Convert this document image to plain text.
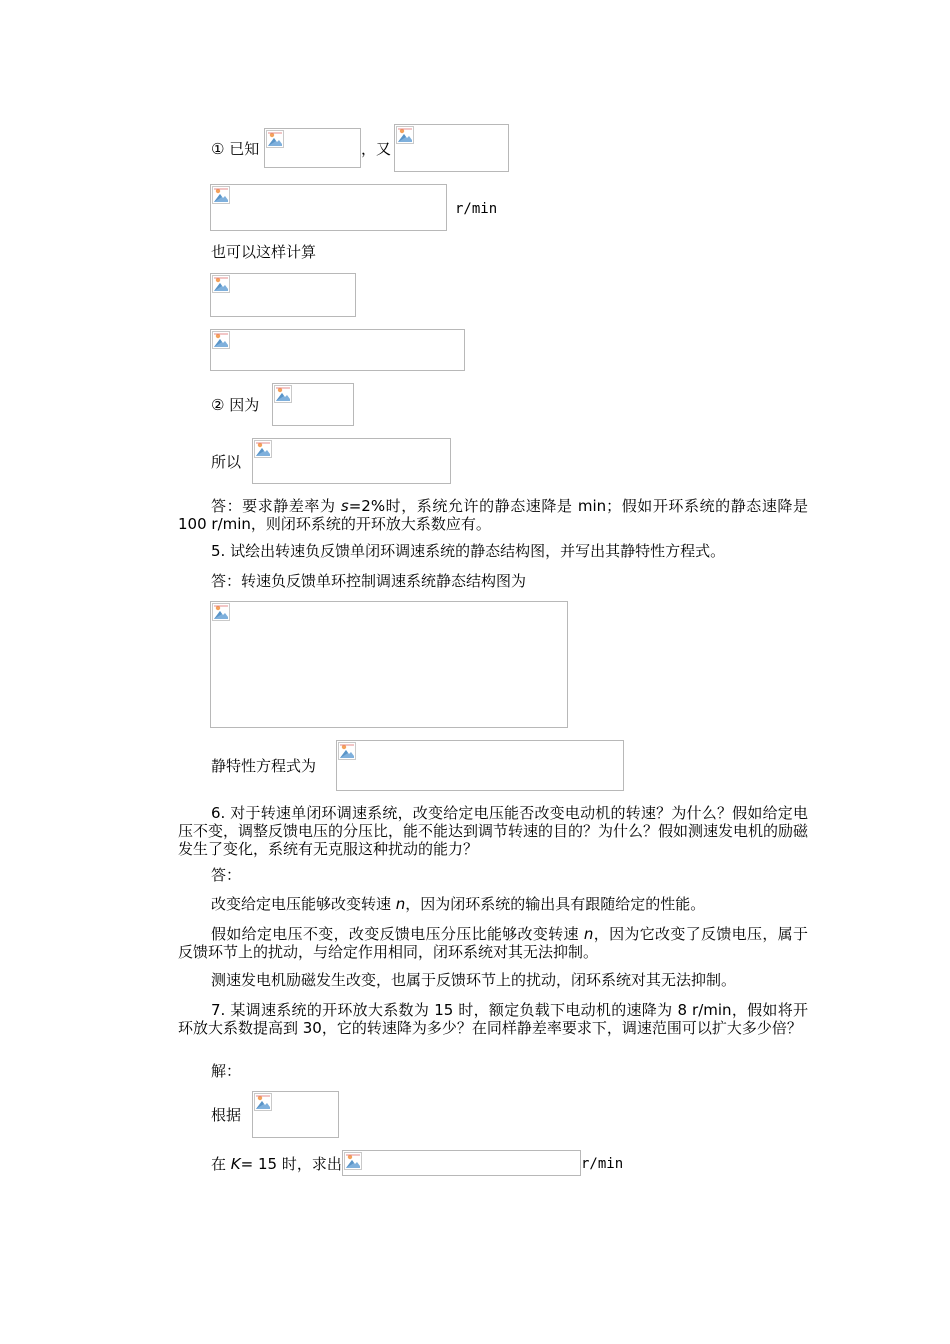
① 已知	，又
r/min
也可以这样计算
② 因为
所以
答：要求静差率为 s=2%时，系统允许的静态速降是 min；假如开环系统的静态速降是 100 r/min，则闭环系统的开环放大系数应有。
5. 试绘出转速负反馈单闭环调速系统的静态结构图，并写出其静特性方程式。
答：转速负反馈单环控制调速系统静态结构图为
静特性方程式为
6. 对于转速单闭环调速系统，改变给定电压能否改变电动机的转速？为什么？假如给定电压不变，调整反馈电压的分压比，能不能达到调节转速的目的？为什么？假如测速发电机的励磁发生了变化，系统有无克服这种扰动的能力？
答：
改变给定电压能够改变转速 n，因为闭环系统的输出具有跟随给定的性能。
假如给定电压不变，改变反馈电压分压比能够改变转速 n，因为它改变了反馈电压，属于反馈环节上的扰动，与给定作用相同，闭环系统对其无法抑制。
测速发电机励磁发生改变，也属于反馈环节上的扰动，闭环系统对其无法抑制。
7. 某调速系统的开环放大系数为 15 时，额定负载下电动机的速降为 8 r/min，假如将开环放大系数提高到 30，它的转速降为多少？在同样静差率要求下，调速范围可以扩大多少倍？
解：
根据
在 K= 15 时，求出	r/min
